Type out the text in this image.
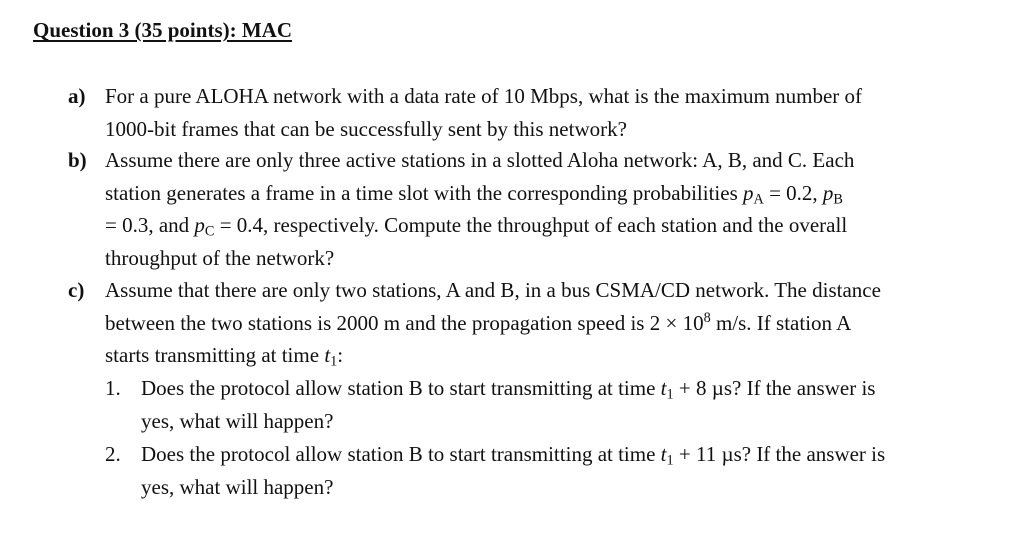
Question 3 (35 points): MAC
a) For a pure ALOHA network with a data rate of 10 Mbps, what is the maximum number of
1000-bit frames that can be successfully sent by this network?
b) Assume there are only three active stations in a slotted Aloha network: A, B, and C. Each
station generates a frame in a time slot with the corresponding probabilities $p_A = 0.2$, $p_B$
= 0.3, and $p_C = 0.4$, respectively. Compute the throughput of each station and the overall
throughput of the network?
c) Assume that there are only two stations, A and B, in a bus CSMA/CD network. The distance
between the two stations is 2000 m and the propagation speed is $2 \times 10^8$ m/s. If station A
starts transmitting at time $t_1$:
1. Does the protocol allow station B to start transmitting at time $t_1 + 8$ µs? If the answer is
yes, what will happen?
2. Does the protocol allow station B to start transmitting at time $t_1 + 11$ µs? If the answer is
yes, what will happen?
